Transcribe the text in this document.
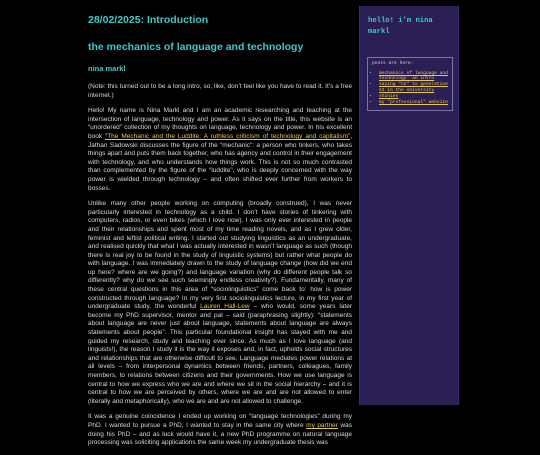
28/02/2025: Introduction
the mechanics of language and technology
nina markl

(Note: this turned out to be a long intro, so, like, don’t feel like you have to read it. It’s a free internet.)

Hello! My name is Nina Markl and I am an academic researching and teaching at the intersection of language, technology and power. As it says on the title, this website is an “unordered” collection of my thoughts on language, technology and power. In his excellent book “The Mechanic and the Luddite: A ruthless criticism of technology and capitalism”, Jathan Sadowski discusses the figure of the “mechanic”: a person who tinkers, who takes things apart and puts them back together, who has agency and control in their engagement with technology, and who understands how things work. This is not so much contrasted than complemented by the figure of the “luddite”, who is deeply concerned with the way power is wielded through technology – and often shifted ever further from workers to bosses.

Unlike many other people working on computing (broadly construed), I was never particularly interested in technology as a child. I don’t have stories of tinkering with computers, radios, or even bikes (which I love now). I was only ever interested in people and their relationships and spent most of my time reading novels, and as I grew older, feminist and leftist political writing. I started out studying linguistics as an undergraduate, and realised quickly that what I was actually interested in wasn’t language as such (though there is real joy to be found in the study of linguistic systems) but rather what people do with language. I was immediately drawn to the study of language change (how did we end up here? where are we going?) and language variation (why do different people talk so differently? why do we see such seemingly endless creativity?). Fundamentally, many of these central questions in this area of “sociolinguistics” come back to: how is power constructed through language? In my very first sociolinguistics lecture, in my first year of undergraduate study, the wonderful Lauren Hall-Lew – who would, some years later become my PhD supervisor, mentor and pal – said (paraphrasing slightly): “statements about language are never just about language, statements about language are always statements about people”. This particular foundational insight has stayed with me and guided my research, study and teaching ever since. As much as I love language (and linguists!), the reason I study it is the way it exposes and, in fact, upholds social structures and relationships that are otherwise difficult to see. Language mediates power relations at all levels – from interpersonal dynamics between friends, partners, colleagues, family members, to relations between citizens and their governments. How we use language is central to how we express who we are and where we sit in the social hierarchy – and it is central to how we are perceived by others, where we are and are not allowed to enter (literally and metaphorically), who we are and are not allowed to challenge.

It was a genuine coincidence I ended up working on “language technologies” during my PhD. I wanted to pursue a PhD, I wanted to stay in the same city where my partner was doing his PhD – and as luck would have it, a new PhD programme on natural language processing was soliciting applications the same week my undergraduate thesis was

hello! i’m nina markl
posts are here:
• mechanics of language and technology: an intro
• saying "no" to generative AI in the university
• shinies
• my "professional" website
